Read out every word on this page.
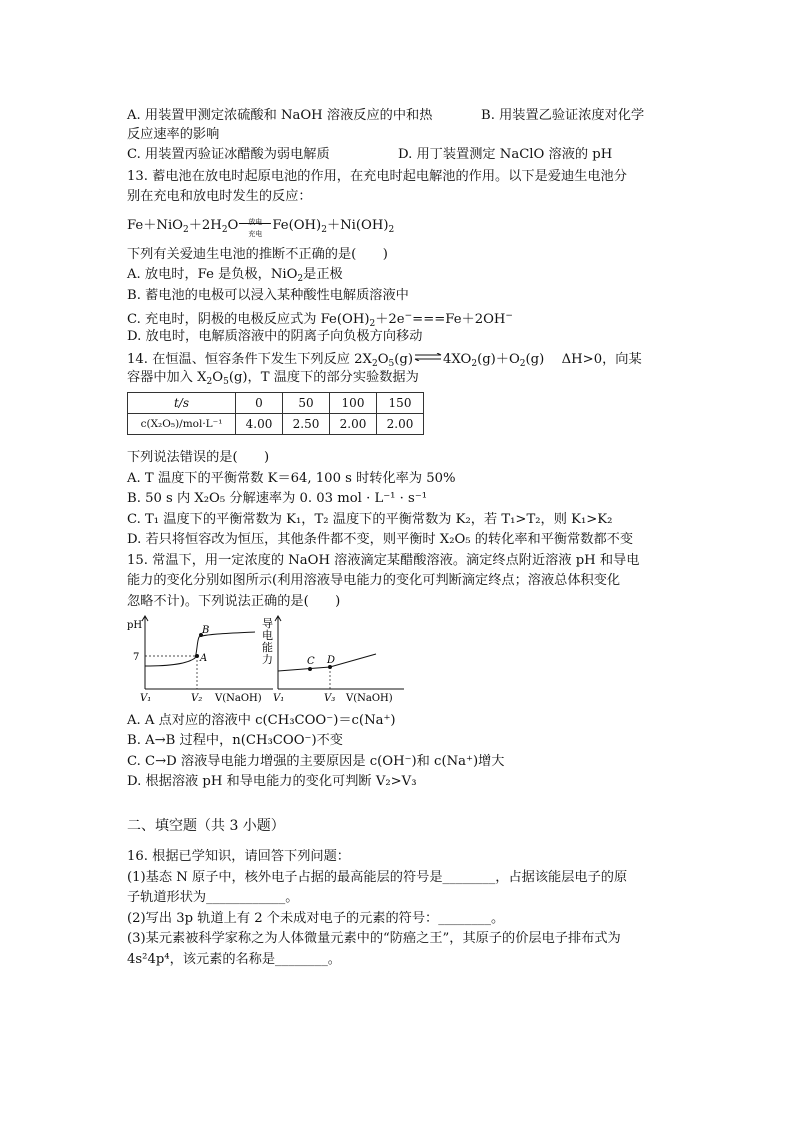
A. 用装置甲测定浓硫酸和 NaOH 溶液反应的中和热	B. 用装置乙验证浓度对化学
反应速率的影响
C. 用装置丙验证冰醋酸为弱电解质	D. 用丁装置测定 NaClO 溶液的 pH
13. 蓄电池在放电时起原电池的作用，在充电时起电解池的作用。以下是爱迪生电池分
别在充电和放电时发生的反应：
$Fe+NiO_2+2H_2O$	放电
充电
$Fe(OH)_2+Ni(OH)_2$
下列有关爱迪生电池的推断不正确的是(　　)
A. 放电时，Fe 是负极，NiO$_2$是正极
B. 蓄电池的电极可以浸入某种酸性电解质溶液中
C. 充电时，阴极的电极反应式为 $Fe(OH)_2+2e^-===Fe+2OH^-$
D. 放电时，电解质溶液中的阴离子向负极方向移动
14. 在恒温、恒容条件下发生下列反应 $2X_2O_5(g)\rightleftharpoons 4XO_2(g)+O_2(g)$　 ΔH>0，向某
容器中加入 $X_2O_5(g)$，T 温度下的部分实验数据为
t/s	0	50	100	150
c(X₂O₅)/mol·L⁻¹	4.00	2.50	2.00	2.00
下列说法错误的是(　　)
A. T 温度下的平衡常数 K＝64, 100 s 时转化率为 50%
B. 50 s 内 X₂O₅ 分解速率为 0. 03 mol · L⁻¹ · s⁻¹
C. T₁ 温度下的平衡常数为 K₁，T₂ 温度下的平衡常数为 K₂，若 T₁>T₂，则 K₁>K₂
D. 若只将恒容改为恒压，其他条件都不变，则平衡时 X₂O₅ 的转化率和平衡常数都不变
15. 常温下，用一定浓度的 NaOH 溶液滴定某醋酸溶液。滴定终点附近溶液 pH 和导电
能力的变化分别如图所示(利用溶液导电能力的变化可判断滴定终点；溶液总体积变化
忽略不计)。下列说法正确的是(　　)
pH
7	A
B
V₁	V₂ V(NaOH)
导
电
能
力	C D
V₁	V₃ V(NaOH)
A. A 点对应的溶液中 c(CH₃COO⁻)＝c(Na⁺)
B. A→B 过程中，n(CH₃COO⁻)不变
C. C→D 溶液导电能力增强的主要原因是 c(OH⁻)和 c(Na⁺)增大
D. 根据溶液 pH 和导电能力的变化可判断 V₂>V₃
二、填空题（共 3 小题）
16. 根据已学知识，请回答下列问题：
(1)基态 N 原子中，核外电子占据的最高能层的符号是________，占据该能层电子的原
子轨道形状为____________。
(2)写出 3p 轨道上有 2 个未成对电子的元素的符号：________。
(3)某元素被科学家称之为人体微量元素中的“防癌之王”，其原子的价层电子排布式为
4s²4p⁴，该元素的名称是________。
